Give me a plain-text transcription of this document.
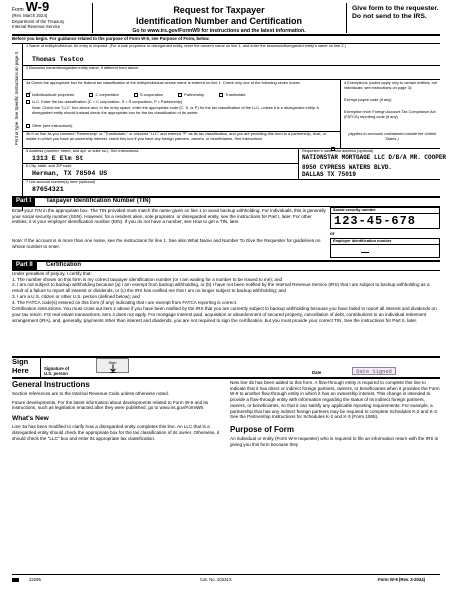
Form W-9
(Rev. March 2024)
Department of the Treasury
Internal Revenue Service
Request for Taxpayer
Identification Number and Certification
Go to www.irs.gov/FormW9 for instructions and the latest information.
Give form to the requester. Do not send to the IRS.
Before you begin. For guidance related to the purpose of Form W-9, see Purpose of Form, below.
Print or type. See Specific Instructions on page 3.
1 Name of entity/individual. An entry is required. (For a sole proprietor or disregarded entity, enter the owner's name on line 1, and enter the business/disregarded entity's name on line 2.)
Thomas Testco
2 Business name/disregarded entity name, if different from above
3a Check the appropriate box for federal tax classification of the entity/individual whose name is entered on line 1. Check only one of the following seven boxes.
✓ Individual/sole proprietor	C corporation	S corporation	Partnership	Trust/estate
LLC. Enter the tax classification (C = C corporation, S = S corporation, P = Partnership)
Note: Check the "LLC" box above and, in the entry space, enter the appropriate code (C, S, or P) for the tax classification of the LLC, unless it is a disregarded entity. A disregarded entity should instead check the appropriate box for the tax classification of its owner.
Other (see instructions)
3b If on line 3a you checked "Partnership" or "Trust/estate," or checked "LLC" and entered "P" as its tax classification, and you are providing this form to a partnership, trust, or estate in which you have an ownership interest, check this box if you have any foreign partners, owners, or beneficiaries. See instructions
4 Exemptions (codes apply only to certain entities, not individuals; see instructions on page 3):
Exempt payee code (if any)
Exemption from Foreign Account Tax Compliance Act (FATCA) reporting code (if any)
(Applies to accounts maintained outside the United States.)
5 Address (number, street, and apt. or suite no.). See instructions.
1313 E Elm St
6 City, state, and ZIP code
Herman, TX 78504 US
7 List account number(s) here (optional)
87654321
Requester's name and address (optional)
NATIONSTAR MORTGAGE LLC D/B/A MR. COOPER
8950 CYPRESS WATERS BLVD.
DALLAS TX 75019
Part I	Taxpayer Identification Number (TIN)
Enter your TIN in the appropriate box. The TIN provided must match the name given on line 1 to avoid backup withholding. For individuals, this is generally your social security number (SSN). However, for a resident alien, sole proprietor, or disregarded entity, see the instructions for Part I, later. For other entities, it is your employer identification number (EIN). If you do not have a number, see How to get a TIN, later.
Note: If the account is in more than one name, see the instructions for line 1. See also What Name and Number To Give the Requester for guidelines on whose number to enter.
Social security number
123-45-678
or
Employer identification number
Part II	Certification
Under penalties of perjury, I certify that:
1. The number shown on this form is my correct taxpayer identification number (or I am waiting for a number to be issued to me); and
2. I am not subject to backup withholding because (a) I am exempt from backup withholding, or (b) I have not been notified by the Internal Revenue Service (IRS) that I am subject to backup withholding as a result of a failure to report all interest or dividends, or (c) the IRS has notified me that I am no longer subject to backup withholding; and
3. I am a U.S. citizen or other U.S. person (defined below); and
4. The FATCA code(s) entered on this form (if any) indicating that I am exempt from FATCA reporting is correct.
Certification instructions. You must cross out item 2 above if you have been notified by the IRS that you are currently subject to backup withholding because you have failed to report all interest and dividends on your tax return. For real estate transactions, item 2 does not apply. For mortgage interest paid, acquisition or abandonment of secured property, cancellation of debt, contributions to an individual retirement arrangement (IRA), and, generally, payments other than interest and dividends, you are not required to sign the certification, but you must provide your correct TIN. See the instructions for Part II, later.
Sign Here	Signature of U.S. person
Sign
Date	Date Signed
General Instructions
Section references are to the Internal Revenue Code unless otherwise noted.
Future developments. For the latest information about developments related to Form W-9 and its instructions, such as legislation enacted after they were published, go to www.irs.gov/FormW9.
What's New
Line 3a has been modified to clarify how a disregarded entity completes this line. An LLC that is a disregarded entity should check the appropriate box for the tax classification of its owner. Otherwise, it should check the "LLC" box and enter its appropriate tax classification.
New line 3b has been added to this form. A flow-through entity is required to complete this line to indicate that it has direct or indirect foreign partners, owners, or beneficiaries when it provides the Form W-9 to another flow-through entity in which it has an ownership interest. This change is intended to provide a flow-through entity with information regarding the status of its indirect foreign partners, owners, or beneficiaries, so that it can satisfy any applicable reporting requirements. For example, a partnership that has any indirect foreign partners may be required to complete Schedules K-2 and K-3. See the Partnership Instructions for Schedules K-2 and K-3 (Form 1065).
Purpose of Form
An individual or entity (Form W-9 requester) who is required to file an information return with the IRS is giving you this form because they
22296	Cat. No. 10231X	Form W-9 (Rev. 3-2024)
